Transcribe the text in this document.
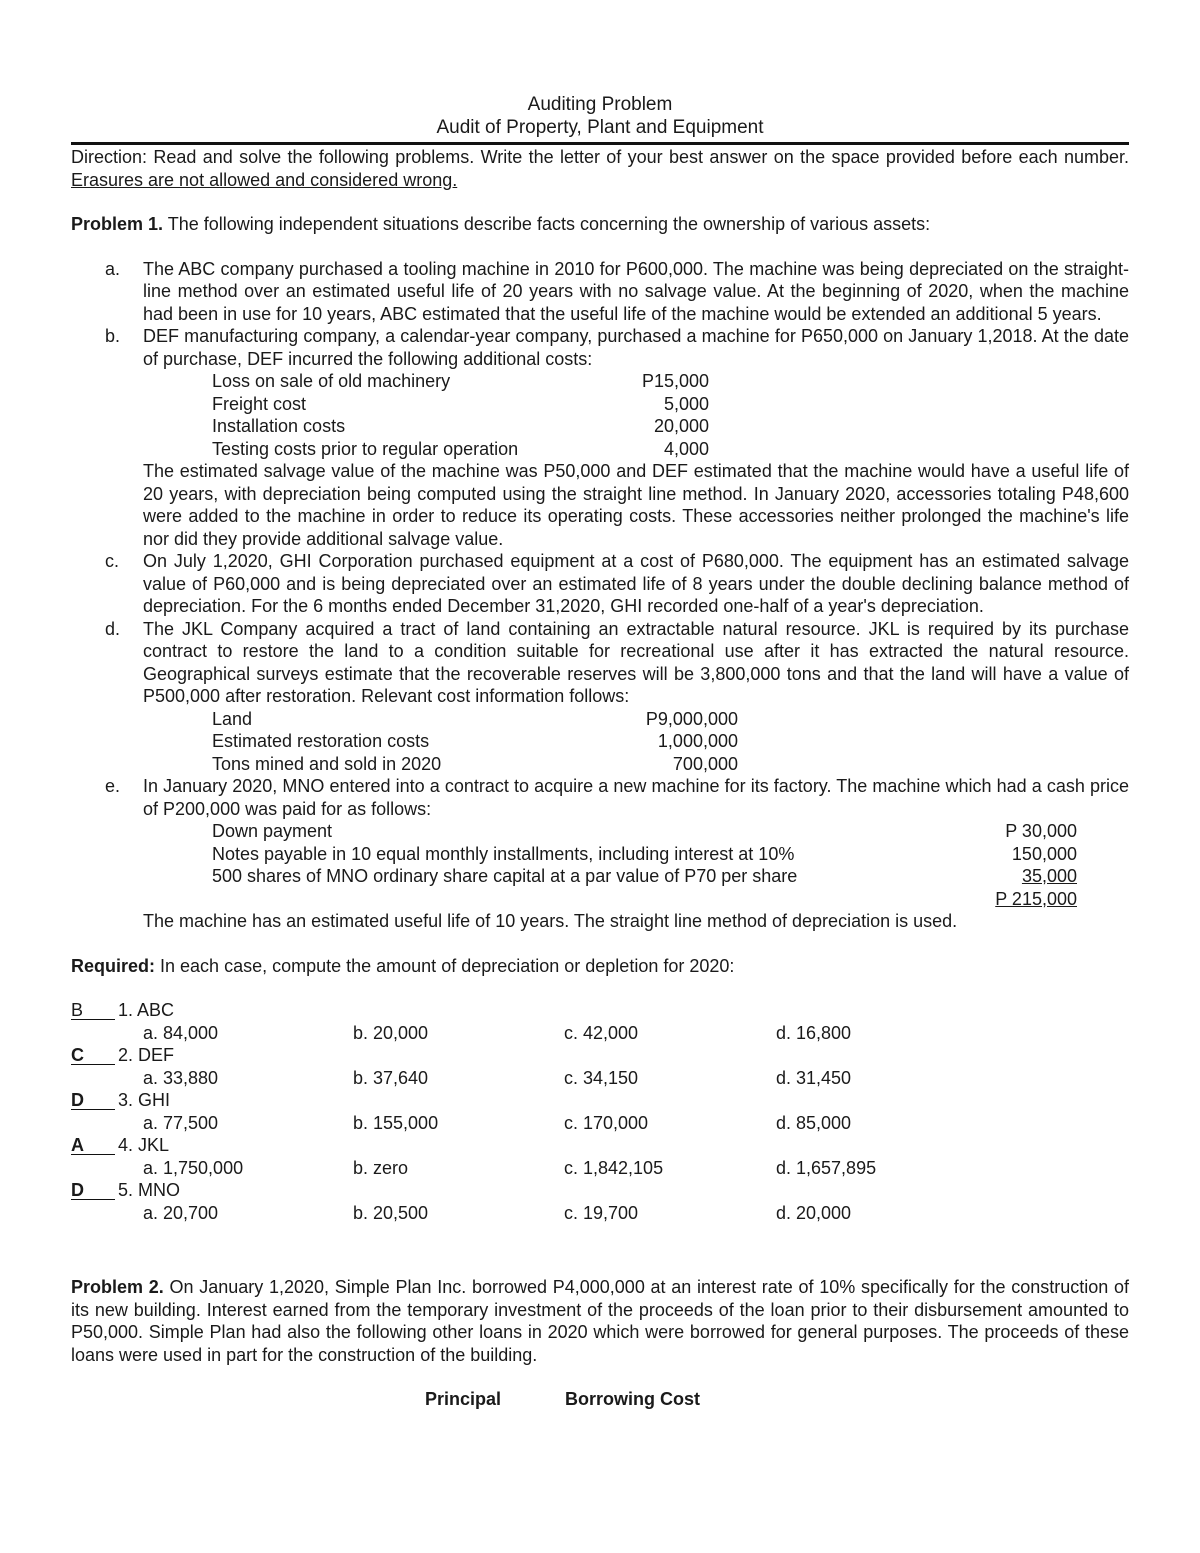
Auditing Problem
Audit of Property, Plant and Equipment

Direction: Read and solve the following problems. Write the letter of your best answer on the space provided before each number. Erasures are not allowed and considered wrong.

Problem 1. The following independent situations describe facts concerning the ownership of various assets:

a. The ABC company purchased a tooling machine in 2010 for P600,000. The machine was being depreciated on the straight-line method over an estimated useful life of 20 years with no salvage value. At the beginning of 2020, when the machine had been in use for 10 years, ABC estimated that the useful life of the machine would be extended an additional 5 years.
b. DEF manufacturing company, a calendar-year company, purchased a machine for P650,000 on January 1,2018. At the date of purchase, DEF incurred the following additional costs:
Loss on sale of old machinery	P15,000
Freight cost	5,000
Installation costs	20,000
Testing costs prior to regular operation	4,000
The estimated salvage value of the machine was P50,000 and DEF estimated that the machine would have a useful life of 20 years, with depreciation being computed using the straight line method. In January 2020, accessories totaling P48,600 were added to the machine in order to reduce its operating costs. These accessories neither prolonged the machine's life nor did they provide additional salvage value.
c. On July 1,2020, GHI Corporation purchased equipment at a cost of P680,000. The equipment has an estimated salvage value of P60,000 and is being depreciated over an estimated life of 8 years under the double declining balance method of depreciation. For the 6 months ended December 31,2020, GHI recorded one-half of a year's depreciation.
d. The JKL Company acquired a tract of land containing an extractable natural resource. JKL is required by its purchase contract to restore the land to a condition suitable for recreational use after it has extracted the natural resource. Geographical surveys estimate that the recoverable reserves will be 3,800,000 tons and that the land will have a value of P500,000 after restoration. Relevant cost information follows:
Land	P9,000,000
Estimated restoration costs	1,000,000
Tons mined and sold in 2020	700,000
e. In January 2020, MNO entered into a contract to acquire a new machine for its factory. The machine which had a cash price of P200,000 was paid for as follows:
Down payment	P 30,000
Notes payable in 10 equal monthly installments, including interest at 10%	150,000
500 shares of MNO ordinary share capital at a par value of P70 per share	35,000
P 215,000
The machine has an estimated useful life of 10 years. The straight line method of depreciation is used.

Required: In each case, compute the amount of depreciation or depletion for 2020:

B	1. ABC
a. 84,000	b. 20,000	c. 42,000	d. 16,800
C	2. DEF
a. 33,880	b. 37,640	c. 34,150	d. 31,450
D	3. GHI
a. 77,500	b. 155,000	c. 170,000	d. 85,000
A	4. JKL
a. 1,750,000	b. zero	c. 1,842,105	d. 1,657,895
D	5. MNO
a. 20,700	b. 20,500	c. 19,700	d. 20,000

Problem 2. On January 1,2020, Simple Plan Inc. borrowed P4,000,000 at an interest rate of 10% specifically for the construction of its new building. Interest earned from the temporary investment of the proceeds of the loan prior to their disbursement amounted to P50,000. Simple Plan had also the following other loans in 2020 which were borrowed for general purposes. The proceeds of these loans were used in part for the construction of the building.

Principal	Borrowing Cost
